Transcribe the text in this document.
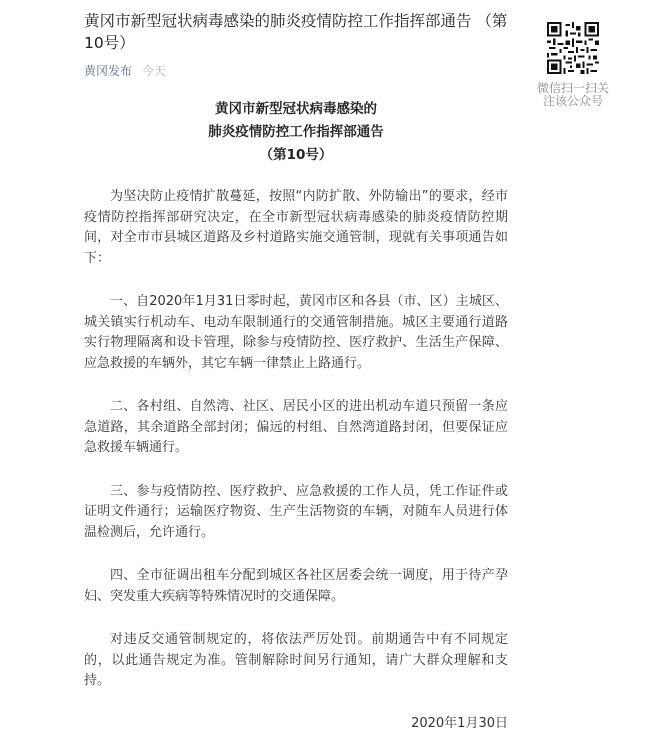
黄冈市新型冠状病毒感染的肺炎疫情防控工作指挥部通告 （第10号）
黄冈发布 今天
黄冈市新型冠状病毒感染的
肺炎疫情防控工作指挥部通告
（第10号）

为坚决防止疫情扩散蔓延，按照“内防扩散、外防输出”的要求，经市疫情防控指挥部研究决定，在全市新型冠状病毒感染的肺炎疫情防控期间，对全市市县城区道路及乡村道路实施交通管制，现就有关事项通告如下：

一、自2020年1月31日零时起，黄冈市区和各县（市、区）主城区、城关镇实行机动车、电动车限制通行的交通管制措施。城区主要通行道路实行物理隔离和设卡管理，除参与疫情防控、医疗救护、生活生产保障、应急救援的车辆外，其它车辆一律禁止上路通行。

二、各村组、自然湾、社区、居民小区的进出机动车道只预留一条应急道路，其余道路全部封闭；偏远的村组、自然湾道路封闭，但要保证应急救援车辆通行。

三、参与疫情防控、医疗救护、应急救援的工作人员，凭工作证件或证明文件通行；运输医疗物资、生产生活物资的车辆，对随车人员进行体温检测后，允许通行。

四、全市征调出租车分配到城区各社区居委会统一调度，用于待产孕妇、突发重大疾病等特殊情况时的交通保障。

对违反交通管制规定的，将依法严厉处罚。前期通告中有不同规定的，以此通告规定为准。管制解除时间另行通知，请广大群众理解和支持。

2020年1月30日
微信扫一扫关注该公众号
